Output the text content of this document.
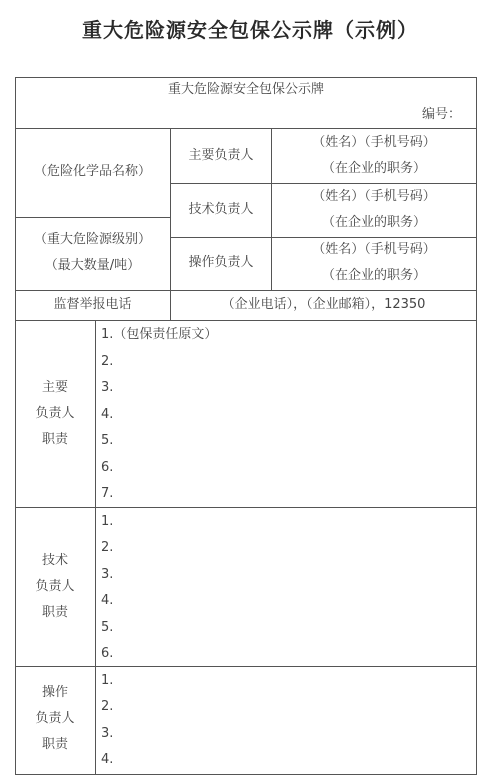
重大危险源安全包保公示牌（示例）
重大危险源安全包保公示牌
编号：
（危险化学品名称）
（重大危险源级别）
（最大数量/吨）
主要负责人
（姓名）（手机号码）
（在企业的职务）
技术负责人
（姓名）（手机号码）
（在企业的职务）
操作负责人
（姓名）（手机号码）
（在企业的职务）
监督举报电话	（企业电话），（企业邮箱），12350
主要
负责人
职责
1.（包保责任原文）
2.
3.
4.
5.
6.
7.
技术
负责人
职责
1.
2.
3.
4.
5.
6.
操作
负责人
职责
1.
2.
3.
4.
